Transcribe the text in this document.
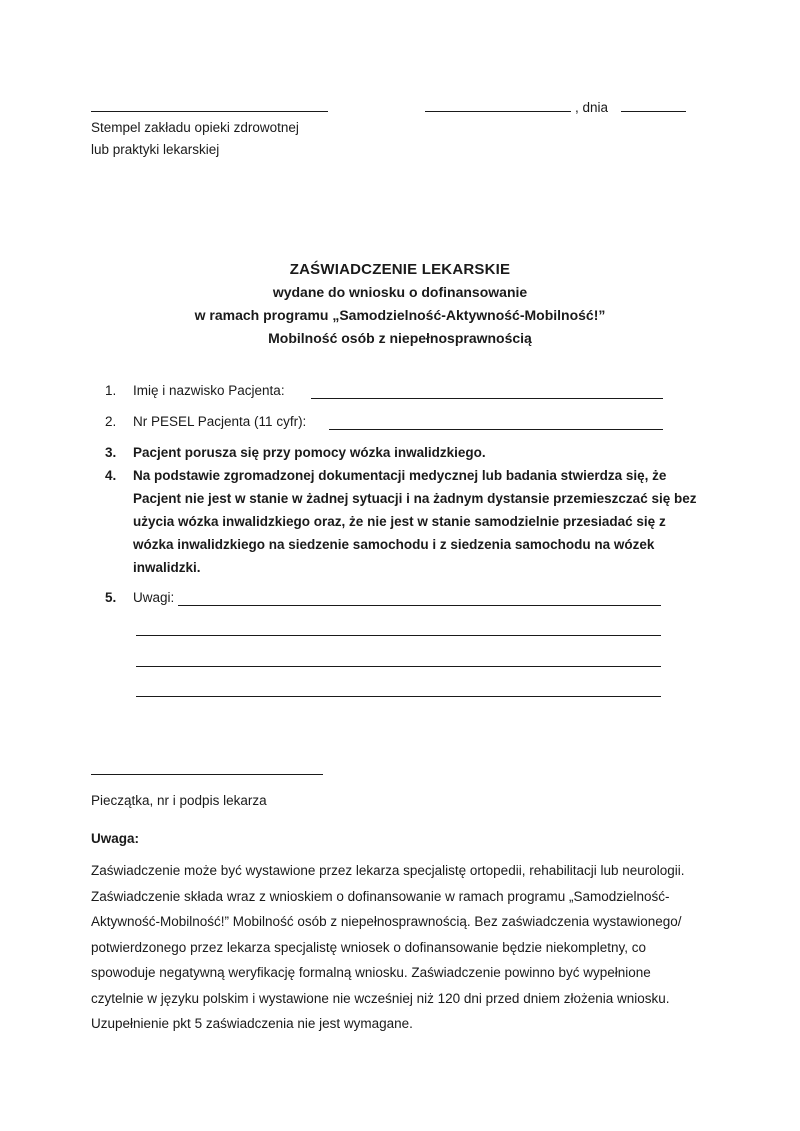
Stempel zakładu opieki zdrowotnej
lub praktyki lekarskiej
, dnia
ZAŚWIADCZENIE LEKARSKIE
wydane do wniosku o dofinansowanie
w ramach programu „Samodzielność-Aktywność-Mobilność!”
Mobilność osób z niepełnosprawnością
1.	Imię i nazwisko Pacjenta:
2.	Nr PESEL Pacjenta (11 cyfr):
3.	Pacjent porusza się przy pomocy wózka inwalidzkiego.
4.	Na podstawie zgromadzonej dokumentacji medycznej lub badania stwierdza się, że Pacjent nie jest w stanie w żadnej sytuacji i na żadnym dystansie przemieszczać się bez użycia wózka inwalidzkiego oraz, że nie jest w stanie samodzielnie przesiadać się z wózka inwalidzkiego na siedzenie samochodu i z siedzenia samochodu na wózek inwalidzki.
5.	Uwagi:
Pieczątka, nr i podpis lekarza
Uwaga:
Zaświadczenie może być wystawione przez lekarza specjalistę ortopedii, rehabilitacji lub neurologii. Zaświadczenie składa wraz z wnioskiem o dofinansowanie w ramach programu „Samodzielność-Aktywność-Mobilność!” Mobilność osób z niepełnosprawnością. Bez zaświadczenia wystawionego/ potwierdzonego przez lekarza specjalistę wniosek o dofinansowanie będzie niekompletny, co spowoduje negatywną weryfikację formalną wniosku. Zaświadczenie powinno być wypełnione czytelnie w języku polskim i wystawione nie wcześniej niż 120 dni przed dniem złożenia wniosku. Uzupełnienie pkt 5 zaświadczenia nie jest wymagane.
